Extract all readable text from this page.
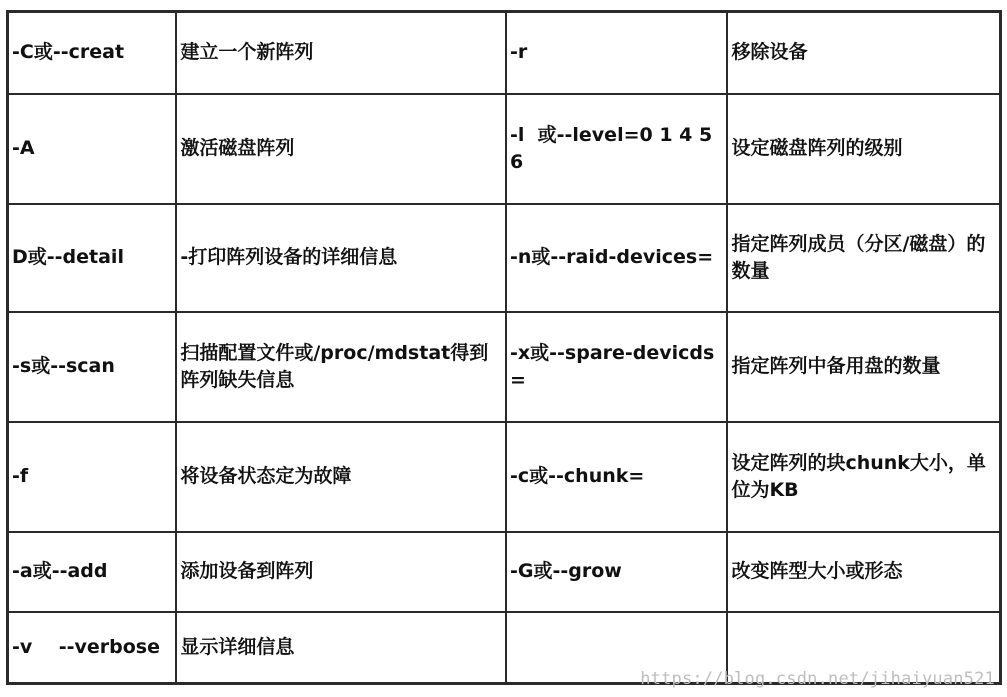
-C或--creat	建立一个新阵列	-r	移除设备
-A	激活磁盘阵列	-l  或--level=0 1 4 5 6	设定磁盘阵列的级别
D或--detail	-打印阵列设备的详细信息	-n或--raid-devices=	指定阵列成员（分区/磁盘）的数量
-s或--scan	扫描配置文件或/proc/mdstat得到阵列缺失信息	-x或--spare-devicds=	指定阵列中备用盘的数量
-f	将设备状态定为故障	-c或--chunk=	设定阵列的块chunk大小，单位为KB
-a或--add	添加设备到阵列	-G或--grow	改变阵型大小或形态
-v    --verbose	显示详细信息		
https://blog.csdn.net/jihaiyuan521
